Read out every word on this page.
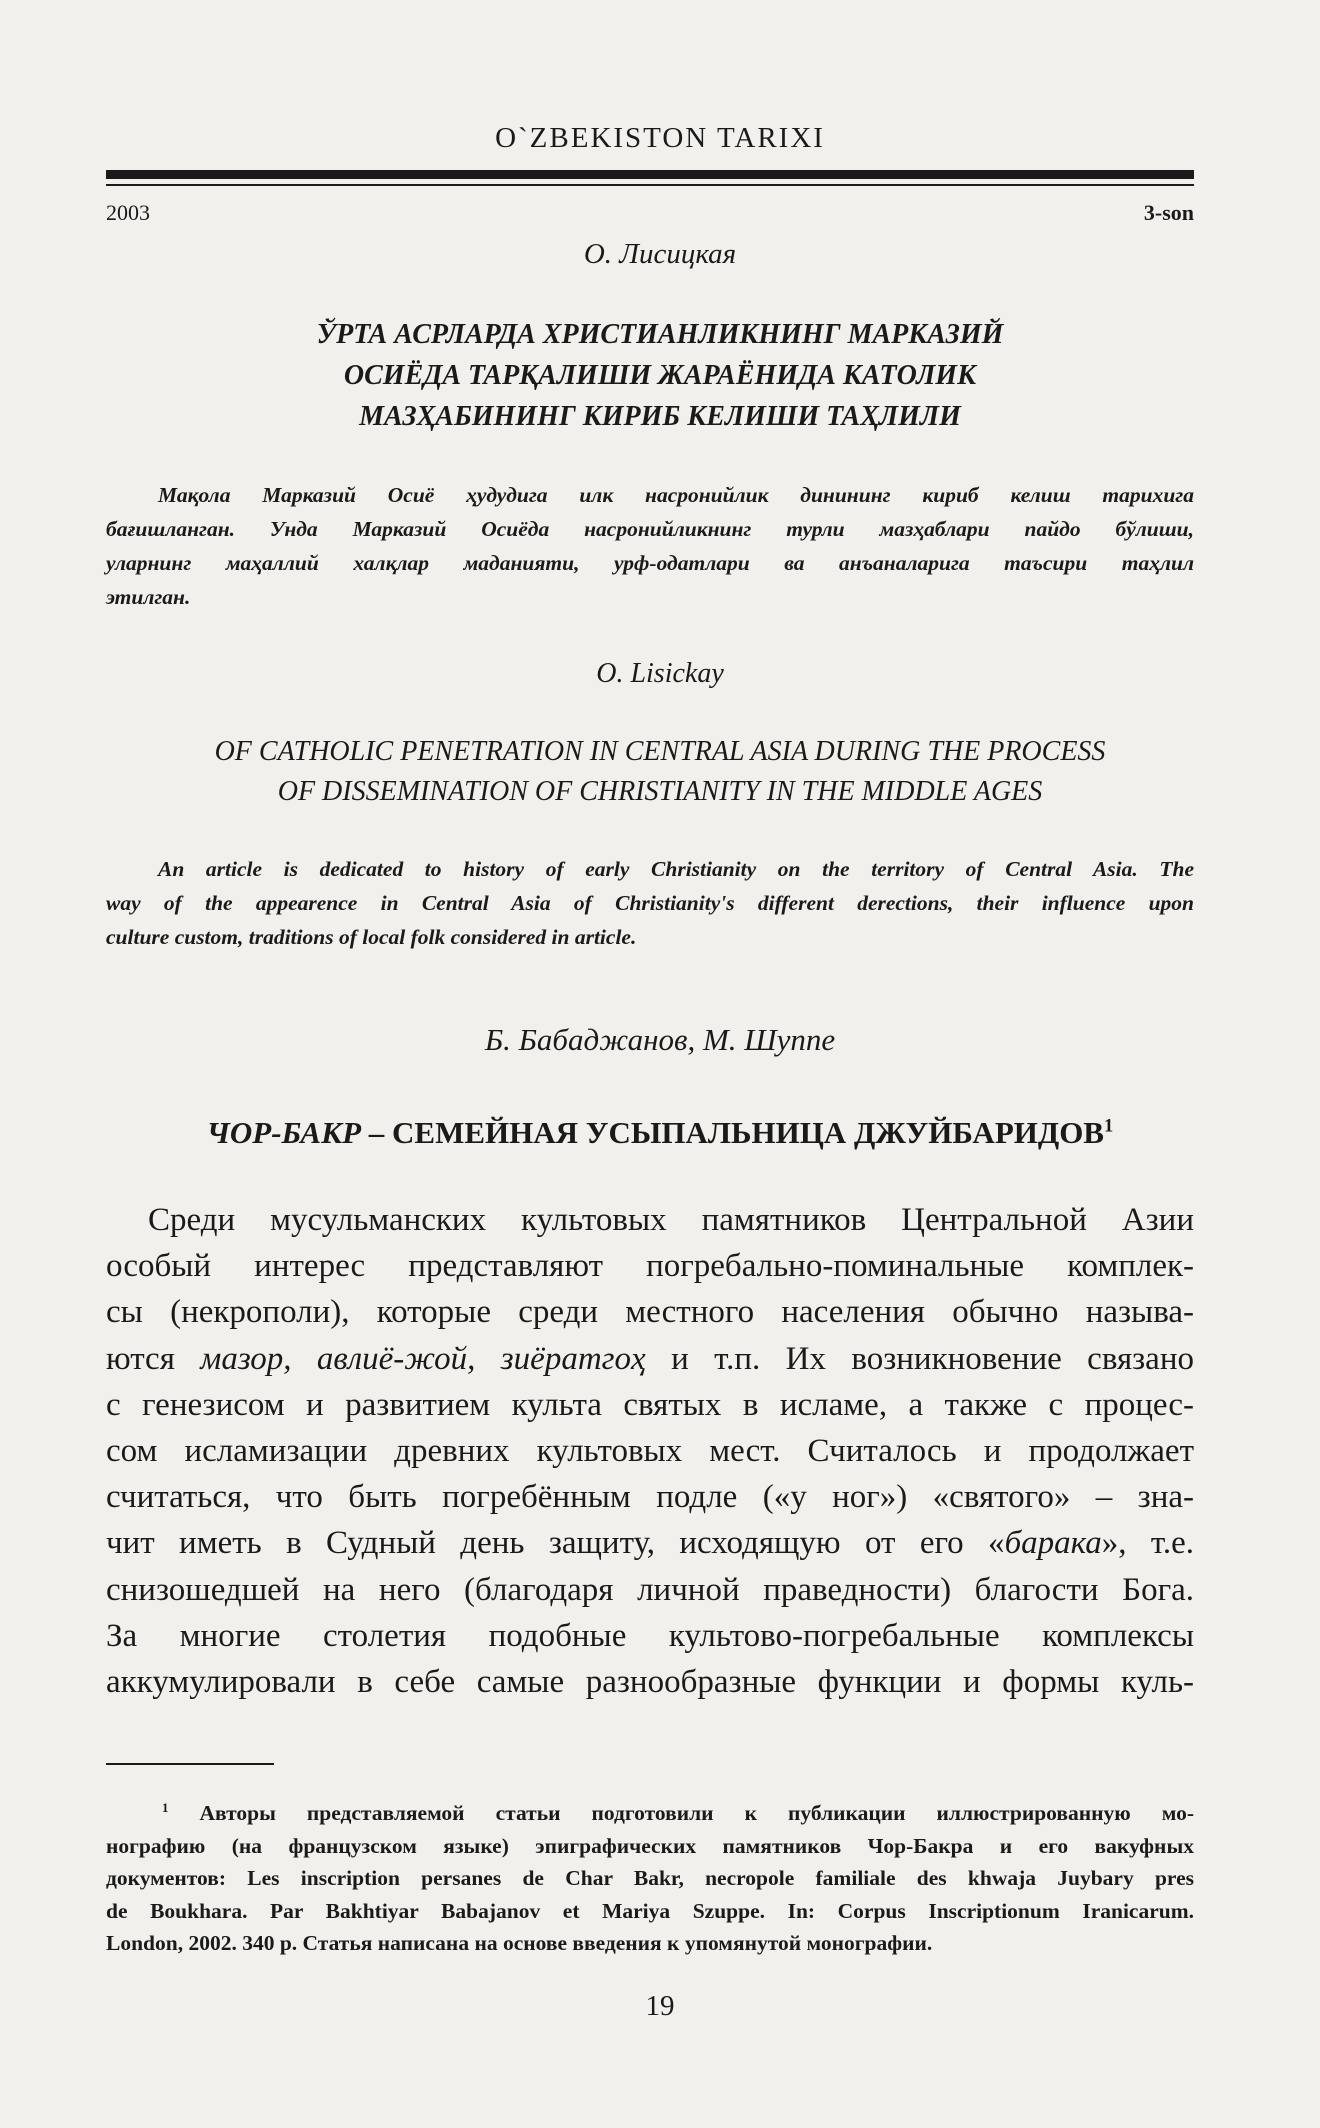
O`ZBEKISTON TARIXI
2003	3-son
О. Лисицкая
ЎРТА АСРЛАРДА ХРИСТИАНЛИКНИНГ МАРКАЗИЙ
ОСИЁДА ТАРҚАЛИШИ ЖАРАЁНИДА КАТОЛИК
МАЗҲАБИНИНГ КИРИБ КЕЛИШИ ТАҲЛИЛИ
Мақола Марказий Осиё ҳудудига илк насронийлик динининг кириб келиш тарихига
бағишланган. Унда Марказий Осиёда насронийликнинг турли мазҳаблари пайдо бўлиши,
уларнинг маҳаллий халқлар маданияти, урф-одатлари ва анъаналарига таъсири таҳлил
этилган.
O. Lisickay
OF CATHOLIC PENETRATION IN CENTRAL ASIA DURING THE PROCESS
OF DISSEMINATION OF CHRISTIANITY IN THE MIDDLE AGES
An article is dedicated to history of early Christianity on the territory of Central Asia. The
way of the appearence in Central Asia of Christianity's different derections, their influence upon
culture custom, traditions of local folk considered in article.
Б. Бабаджанов, М. Шуппе
ЧОР-БАКР – СЕМЕЙНАЯ УСЫПАЛЬНИЦА ДЖУЙБАРИДОВ$^1$
Среди мусульманских культовых памятников Центральной Азии
особый интерес представляют погребально-поминальные комплек-
сы (некрополи), которые среди местного населения обычно называ-
ются мазор, авлиё-жой, зиёратгоҳ и т.п. Их возникновение связано
с генезисом и развитием культа святых в исламе, а также с процес-
сом исламизации древних культовых мест. Считалось и продолжает
считаться, что быть погребённым подле («у ног») «святого» – зна-
чит иметь в Судный день защиту, исходящую от его «барака», т.е.
снизошедшей на него (благодаря личной праведности) благости Бога.
За многие столетия подобные культово-погребальные комплексы
аккумулировали в себе самые разнообразные функции и формы куль-
$^1$ Авторы представляемой статьи подготовили к публикации иллюстрированную мо-
нографию (на французском языке) эпиграфических памятников Чор-Бакра и его вакуфных
документов: Les inscription persanes de Char Bakr, necropole familiale des khwaja Juybary pres
de Boukhara. Par Bakhtiyar Babajanov et Mariya Szuppe. In: Corpus Inscriptionum Iranicarum.
London, 2002. 340 р. Статья написана на основе введения к упомянутой монографии.
19
